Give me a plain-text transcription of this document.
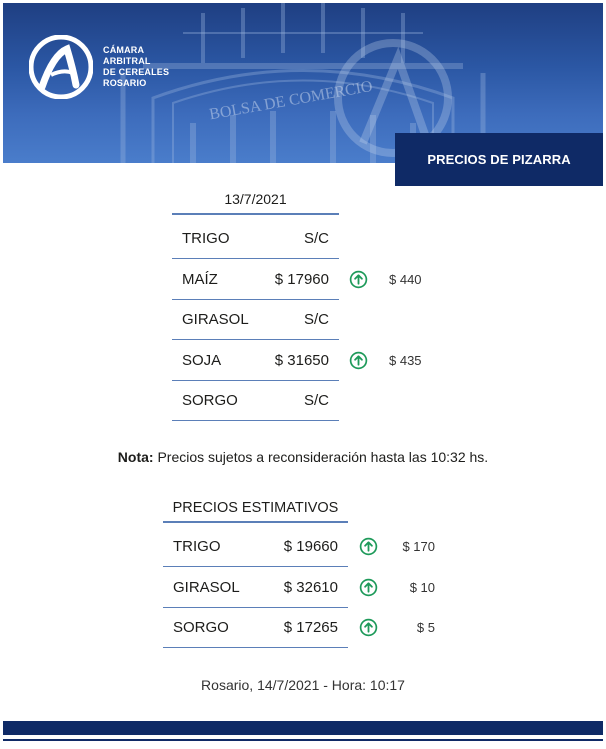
BOLSA DE COMERCIO
CÁMARA
ARBITRAL
DE CEREALES
ROSARIO
PRECIOS DE PIZARRA
13/7/2021
TRIGO	S/C
MAÍZ	$ 17960	$ 440
GIRASOL	S/C
SOJA	$ 31650	$ 435
SORGO	S/C
Nota: Precios sujetos a reconsideración hasta las 10:32 hs.
PRECIOS ESTIMATIVOS
TRIGO	$ 19660	$ 170
GIRASOL	$ 32610	$ 10
SORGO	$ 17265	$ 5
Rosario, 14/7/2021 - Hora: 10:17
